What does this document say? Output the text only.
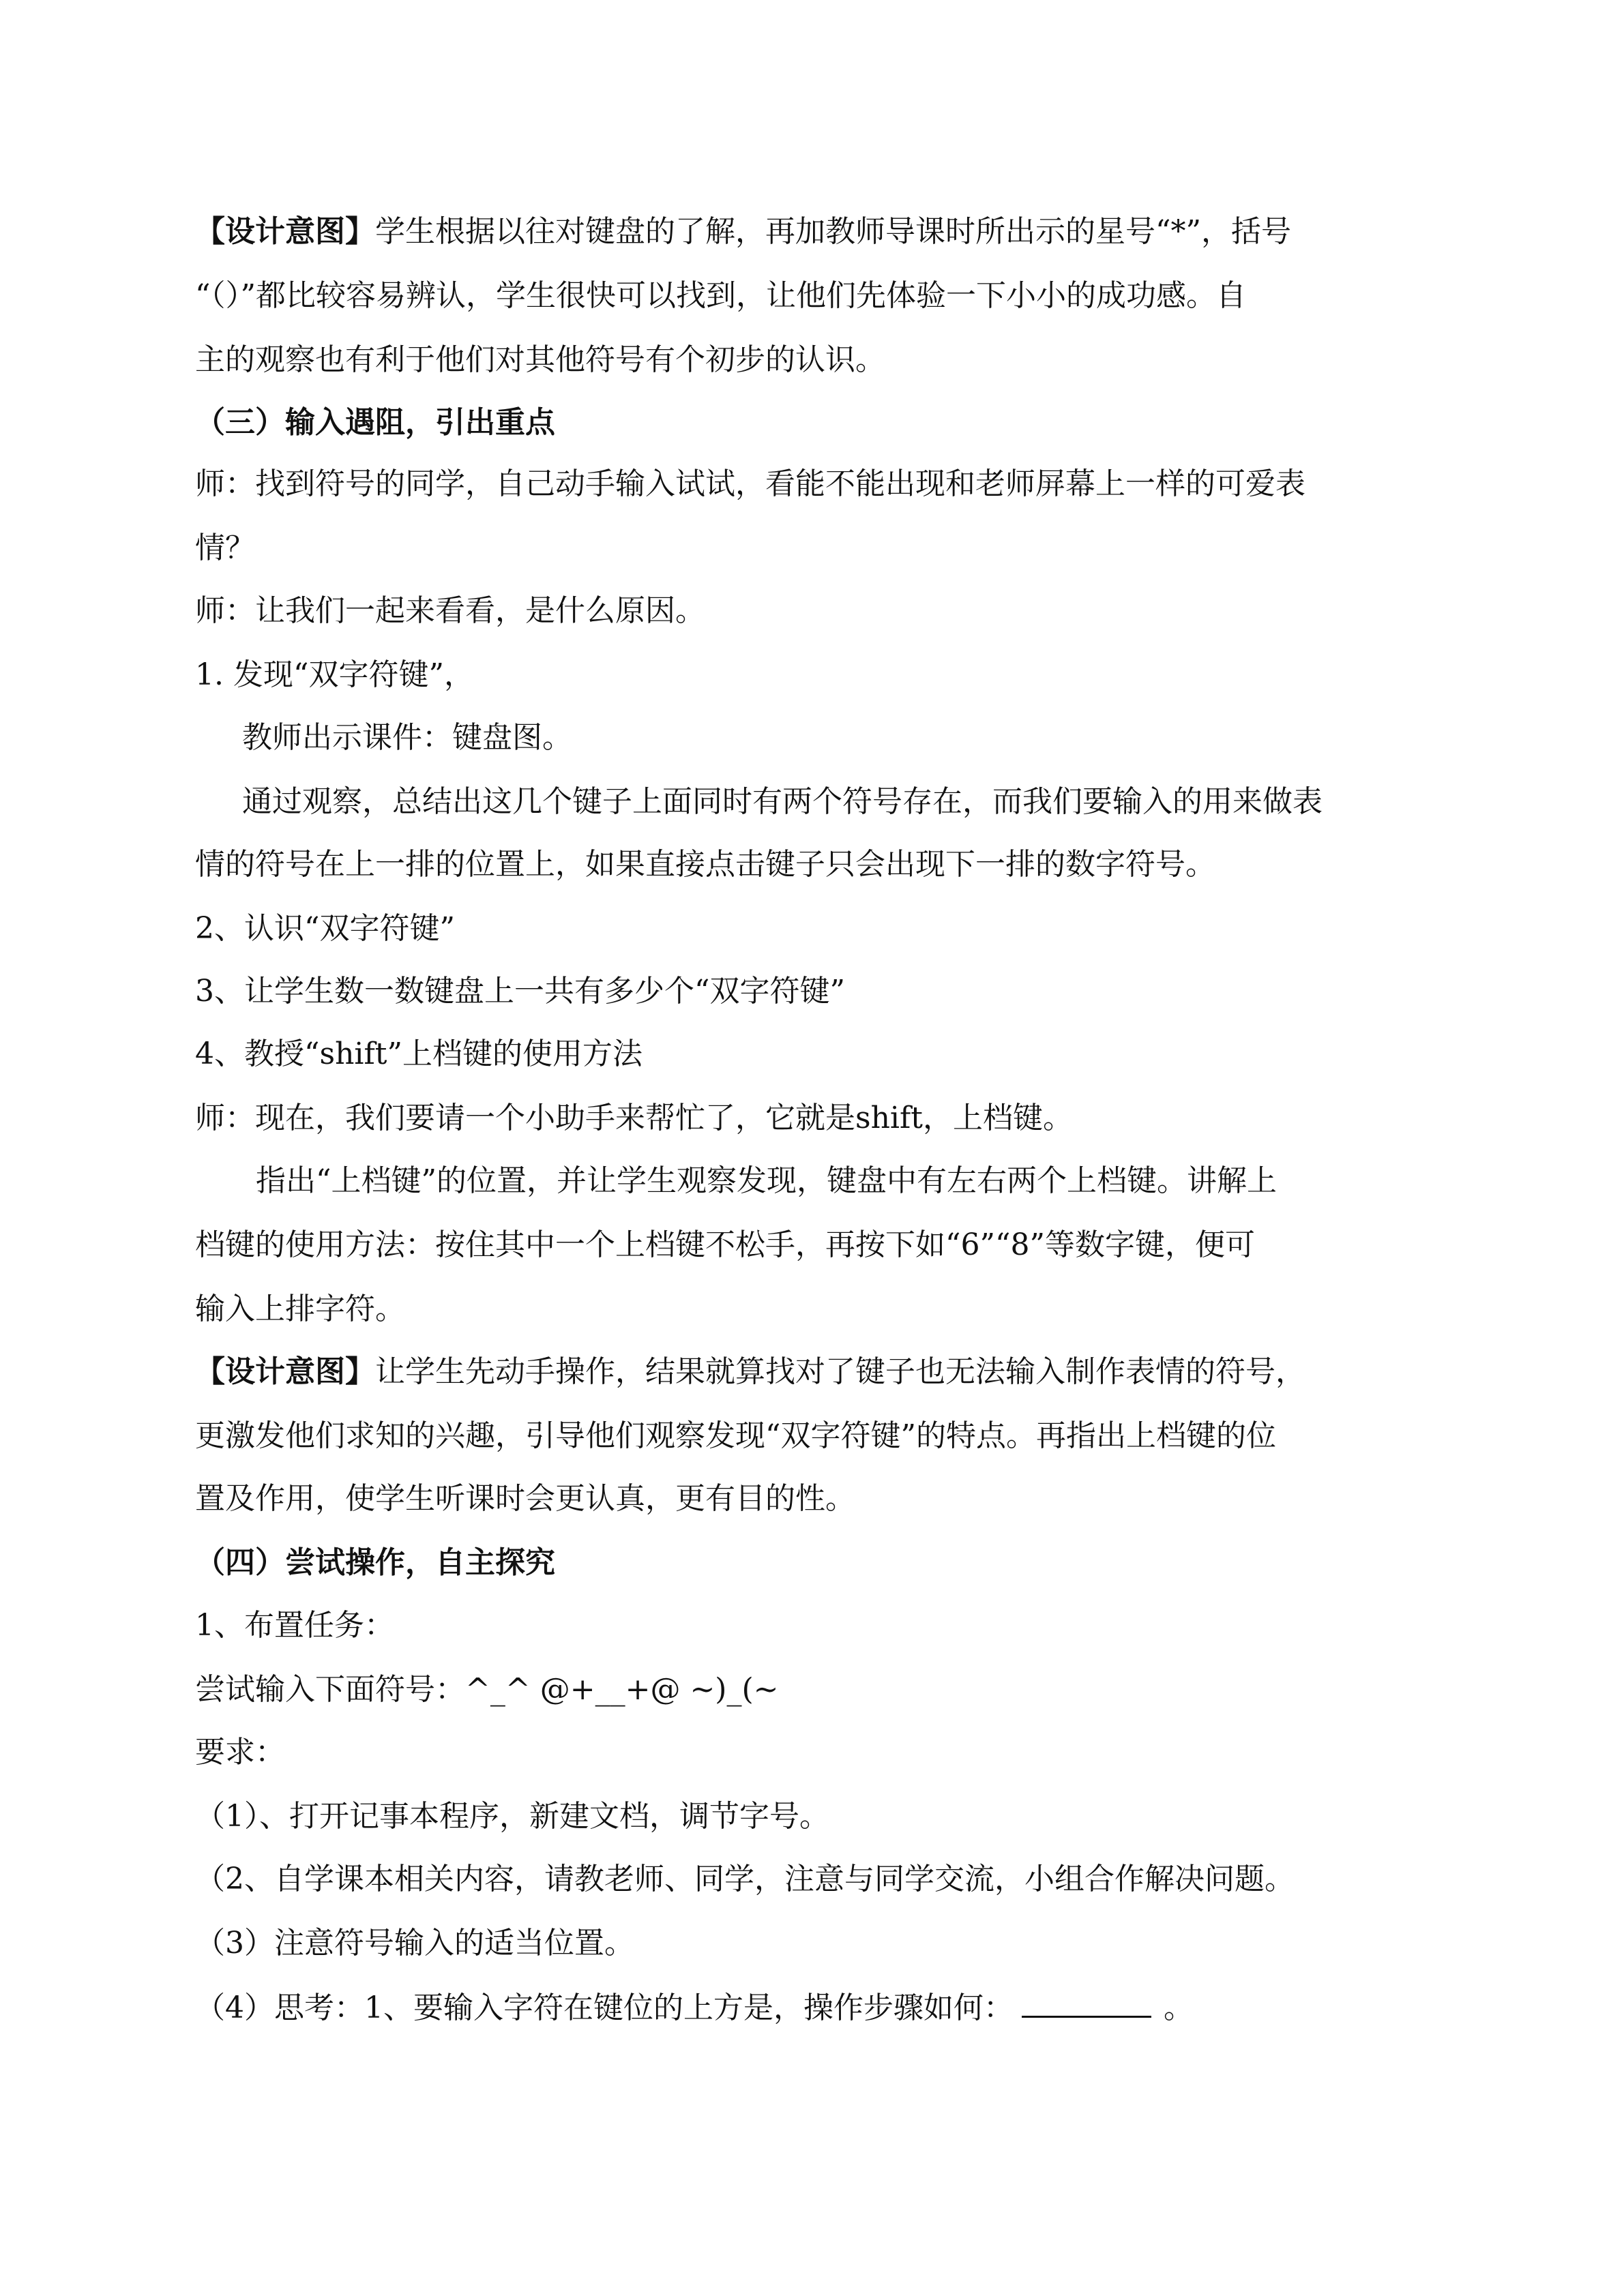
【设计意图】学生根据以往对键盘的了解，再加教师导课时所出示的星号“*”，括号
“（）”都比较容易辨认，学生很快可以找到，让他们先体验一下小小的成功感。自
主的观察也有利于他们对其他符号有个初步的认识。
（三）输入遇阻，引出重点
师：找到符号的同学，自己动手输入试试，看能不能出现和老师屏幕上一样的可爱表
情？
师：让我们一起来看看，是什么原因。
1. 发现“双字符键”，
教师出示课件：键盘图。
通过观察，总结出这几个键子上面同时有两个符号存在，而我们要输入的用来做表
情的符号在上一排的位置上，如果直接点击键子只会出现下一排的数字符号。
2、认识“双字符键”
3、让学生数一数键盘上一共有多少个“双字符键”
4、教授“shift”上档键的使用方法
师：现在，我们要请一个小助手来帮忙了，它就是shift，上档键。
指出“上档键”的位置，并让学生观察发现，键盘中有左右两个上档键。讲解上
档键的使用方法：按住其中一个上档键不松手，再按下如“6”“8”等数字键，便可
输入上排字符。
【设计意图】让学生先动手操作，结果就算找对了键子也无法输入制作表情的符号，
更激发他们求知的兴趣，引导他们观察发现“双字符键”的特点。再指出上档键的位
置及作用，使学生听课时会更认真，更有目的性。
（四）尝试操作，自主探究
1、布置任务：
尝试输入下面符号：^_^ @+__+@ ~)_(~
要求：
（1）、打开记事本程序，新建文档，调节字号。
（2、自学课本相关内容，请教老师、同学，注意与同学交流，小组合作解决问题。
（3）注意符号输入的适当位置。
（4）思考：1、要输入字符在键位的上方是，操作步骤如何：	。
